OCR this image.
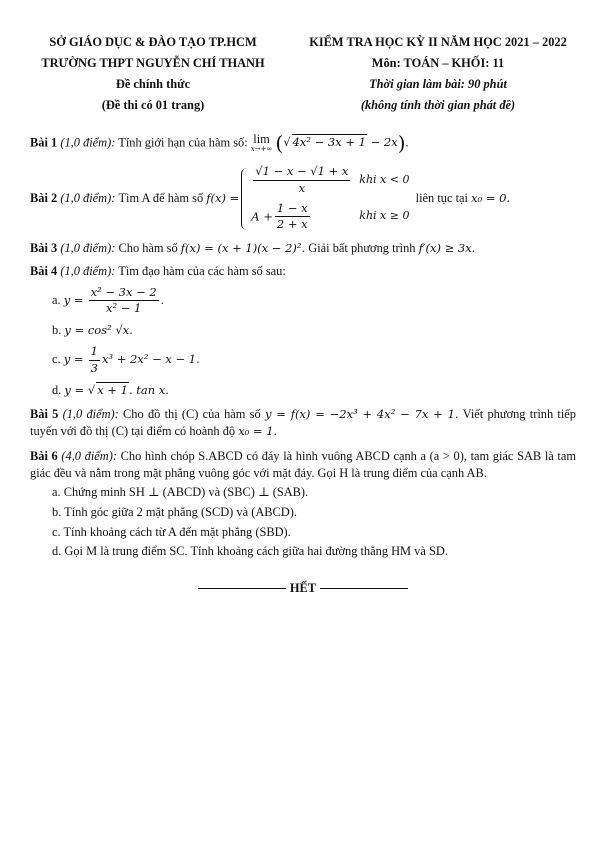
SỞ GIÁO DỤC & ĐÀO TẠO TP.HCM
TRƯỜNG THPT NGUYỄN CHÍ THANH
Đề chính thức
(Đề thi có 01 trang)
KIỂM TRA HỌC KỲ II NĂM HỌC 2021 – 2022
Môn: TOÁN – KHỐI: 11
Thời gian làm bài: 90 phút
(không tính thời gian phát đề)

Bài 1 (1,0 điểm): Tính giới hạn của hàm số: lim
x→+∞ (√ 4x² − 3x + 1 − 2x).

Bài 2
(1,0 điểm):
Tìm A để hàm số
f(x) =
$\frac{√1 - x - √1 + x}{x}$ khi x < 0
$A + \frac{1 - x}{2 + x}$	khi x ≥ 0

liên tục tại
x₀ = 0.

Bài 3 (1,0 điểm): Cho hàm số f(x) = (x + 1)(x − 2)². Giải bất phương trình f′(x) ≥ 3x.

Bài 4 (1,0 điểm): Tìm đạo hàm của các hàm số sau:

a. $y = \frac{\text{x² − 3x − 2}}{\text{x² − 1}}$ .
b. y = cos² √x.
c. $y = \frac{1}{3} x^3 + 2x^2 - x - 1$.
d. y = √ x + 1. tan x.

Bài 5 (1,0 điểm): Cho đồ thị (C) của hàm số y = f(x) = −2x³ + 4x² − 7x + 1. Viết phương trình tiếp tuyến với đồ thị (C) tại điểm có hoành độ x₀ = 1.

Bài 6 (4,0 điểm): Cho hình chóp S.ABCD có đáy là hình vuông ABCD cạnh a (a > 0), tam giác SAB là tam giác đều và nằm trong mặt phẳng vuông góc với mặt đáy. Gọi H là trung điểm của cạnh AB.

a. Chứng minh SH ⊥ (ABCD) và (SBC) ⊥ (SAB).

b. Tính góc giữa 2 mặt phẳng (SCD) và (ABCD).

c. Tính khoảng cách từ A đến mặt phẳng (SBD).

d. Gọi M là trung điểm SC. Tính khoảng cách giữa hai đường thẳng HM và SD.

HẾT
